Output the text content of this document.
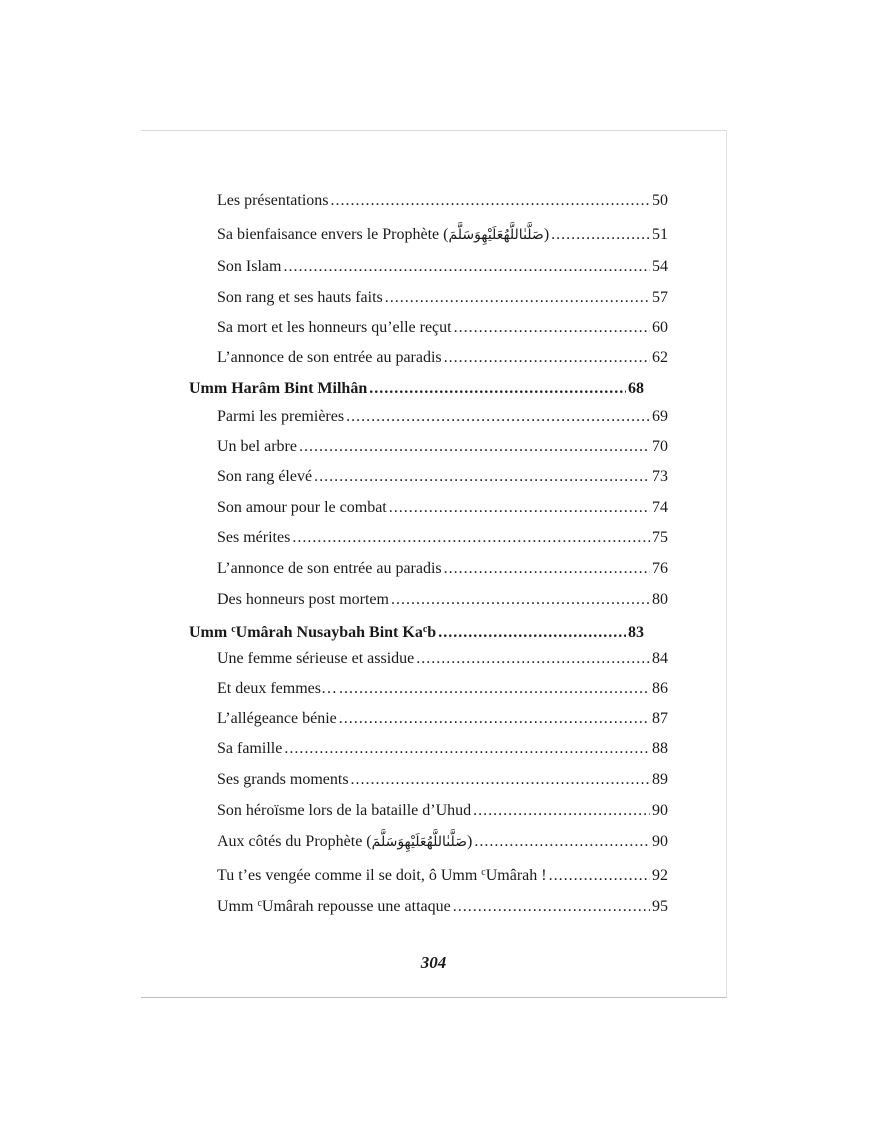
Les présentations .....	50
Sa bienfaisance envers le Prophète (صَلَّىٰاللَّهُعَلَيْهِوَسَلَّمَ) .....	51
Son Islam .....	54
Son rang et ses hauts faits .....	57
Sa mort et les honneurs qu’elle reçut .....	60
L’annonce de son entrée au paradis .....	62
Umm Harâm Bint Milhân .....	68
Parmi les premières .....	69
Un bel arbre .....	70
Son rang élevé .....	73
Son amour pour le combat .....	74
Ses mérites .....	75
L’annonce de son entrée au paradis .....	76
Des honneurs post mortem .....	80
Umm $^c$Umârah Nusaybah Bint Ka$^c$b .....	83
Une femme sérieuse et assidue .....	84
Et deux femmes… .....	86
L’allégeance bénie .....	87
Sa famille .....	88
Ses grands moments .....	89
Son héroïsme lors de la bataille d’Uhud .....	90
Aux côtés du Prophète (صَلَّىٰاللَّهُعَلَيْهِوَسَلَّمَ) .....	90
Tu t’es vengée comme il se doit, ô Umm $^c$Umârah ! .....	92
Umm $^c$Umârah repousse une attaque .....	95
304
